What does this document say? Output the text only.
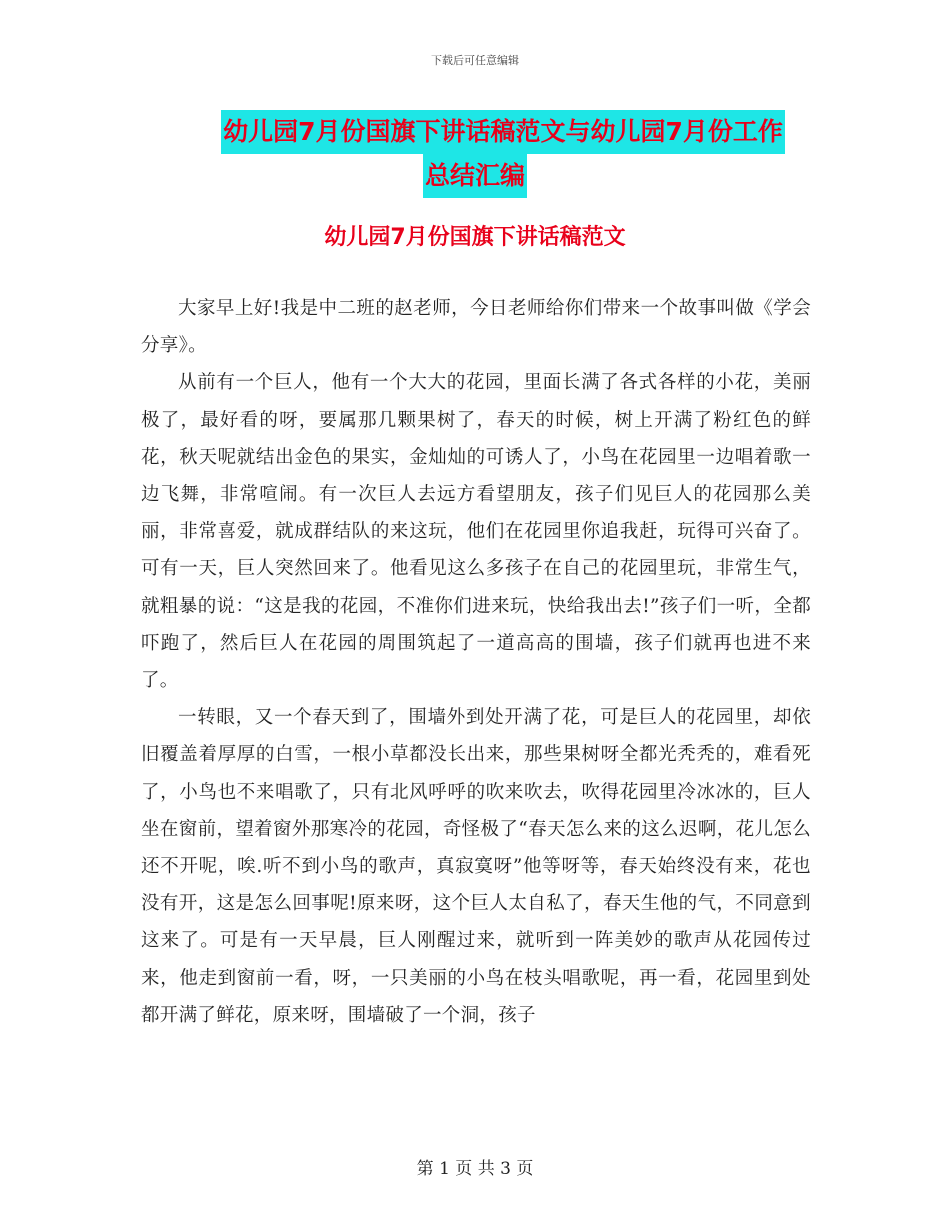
下载后可任意编辑
幼儿园7月份国旗下讲话稿范文与幼儿园7月份工作
总结汇编
幼儿园7月份国旗下讲话稿范文

大家早上好!我是中二班的赵老师，今日老师给你们带来一个故事叫做《学会分享》。

从前有一个巨人，他有一个大大的花园，里面长满了各式各样的小花，美丽极了，最好看的呀，要属那几颗果树了，春天的时候，树上开满了粉红色的鲜花，秋天呢就结出金色的果实，金灿灿的可诱人了，小鸟在花园里一边唱着歌一边飞舞，非常喧闹。有一次巨人去远方看望朋友，孩子们见巨人的花园那么美丽，非常喜爱，就成群结队的来这玩，他们在花园里你追我赶，玩得可兴奋了。可有一天，巨人突然回来了。他看见这么多孩子在自己的花园里玩，非常生气，就粗暴的说：“这是我的花园，不准你们进来玩，快给我出去!”孩子们一听，全都吓跑了，然后巨人在花园的周围筑起了一道高高的围墙，孩子们就再也进不来了。

一转眼，又一个春天到了，围墙外到处开满了花，可是巨人的花园里，却依旧覆盖着厚厚的白雪，一根小草都没长出来，那些果树呀全都光秃秃的，难看死了，小鸟也不来唱歌了，只有北风呼呼的吹来吹去，吹得花园里冷冰冰的，巨人坐在窗前，望着窗外那寒冷的花园，奇怪极了“春天怎么来的这么迟啊，花儿怎么还不开呢，唉.听不到小鸟的歌声，真寂寞呀”他等呀等，春天始终没有来，花也没有开，这是怎么回事呢!原来呀，这个巨人太自私了，春天生他的气，不同意到这来了。可是有一天早晨，巨人刚醒过来，就听到一阵美妙的歌声从花园传过来，他走到窗前一看，呀，一只美丽的小鸟在枝头唱歌呢，再一看，花园里到处都开满了鲜花，原来呀，围墙破了一个洞，孩子

第 1 页 共 3 页
